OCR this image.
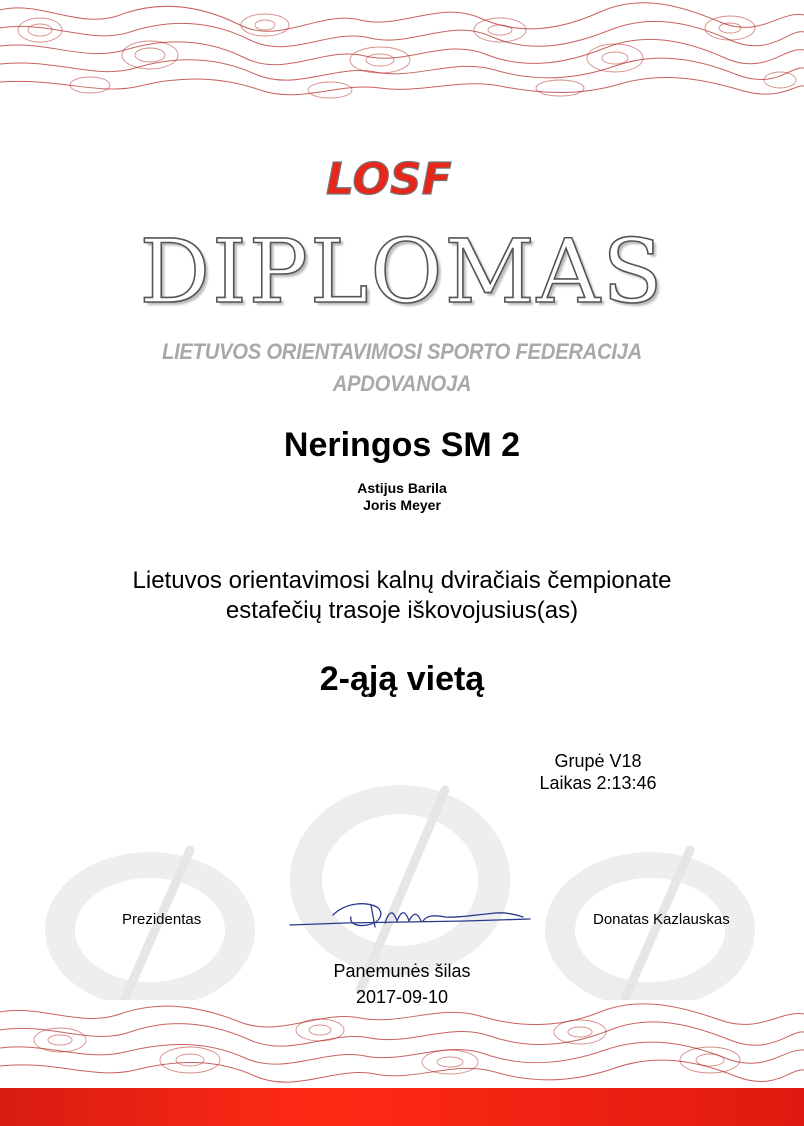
LOSF
DIPLOMAS
LIETUVOS ORIENTAVIMOSI SPORTO FEDERACIJA
APDOVANOJA
Neringos SM 2
Astijus Barila
Joris Meyer
Lietuvos orientavimosi kalnų dviračiais čempionate
estafečių trasoje iškovojusius(as)
2-ąją vietą
Grupė V18
Laikas 2:13:46
Prezidentas	Donatas Kazlauskas
Panemunės šilas
2017-09-10
